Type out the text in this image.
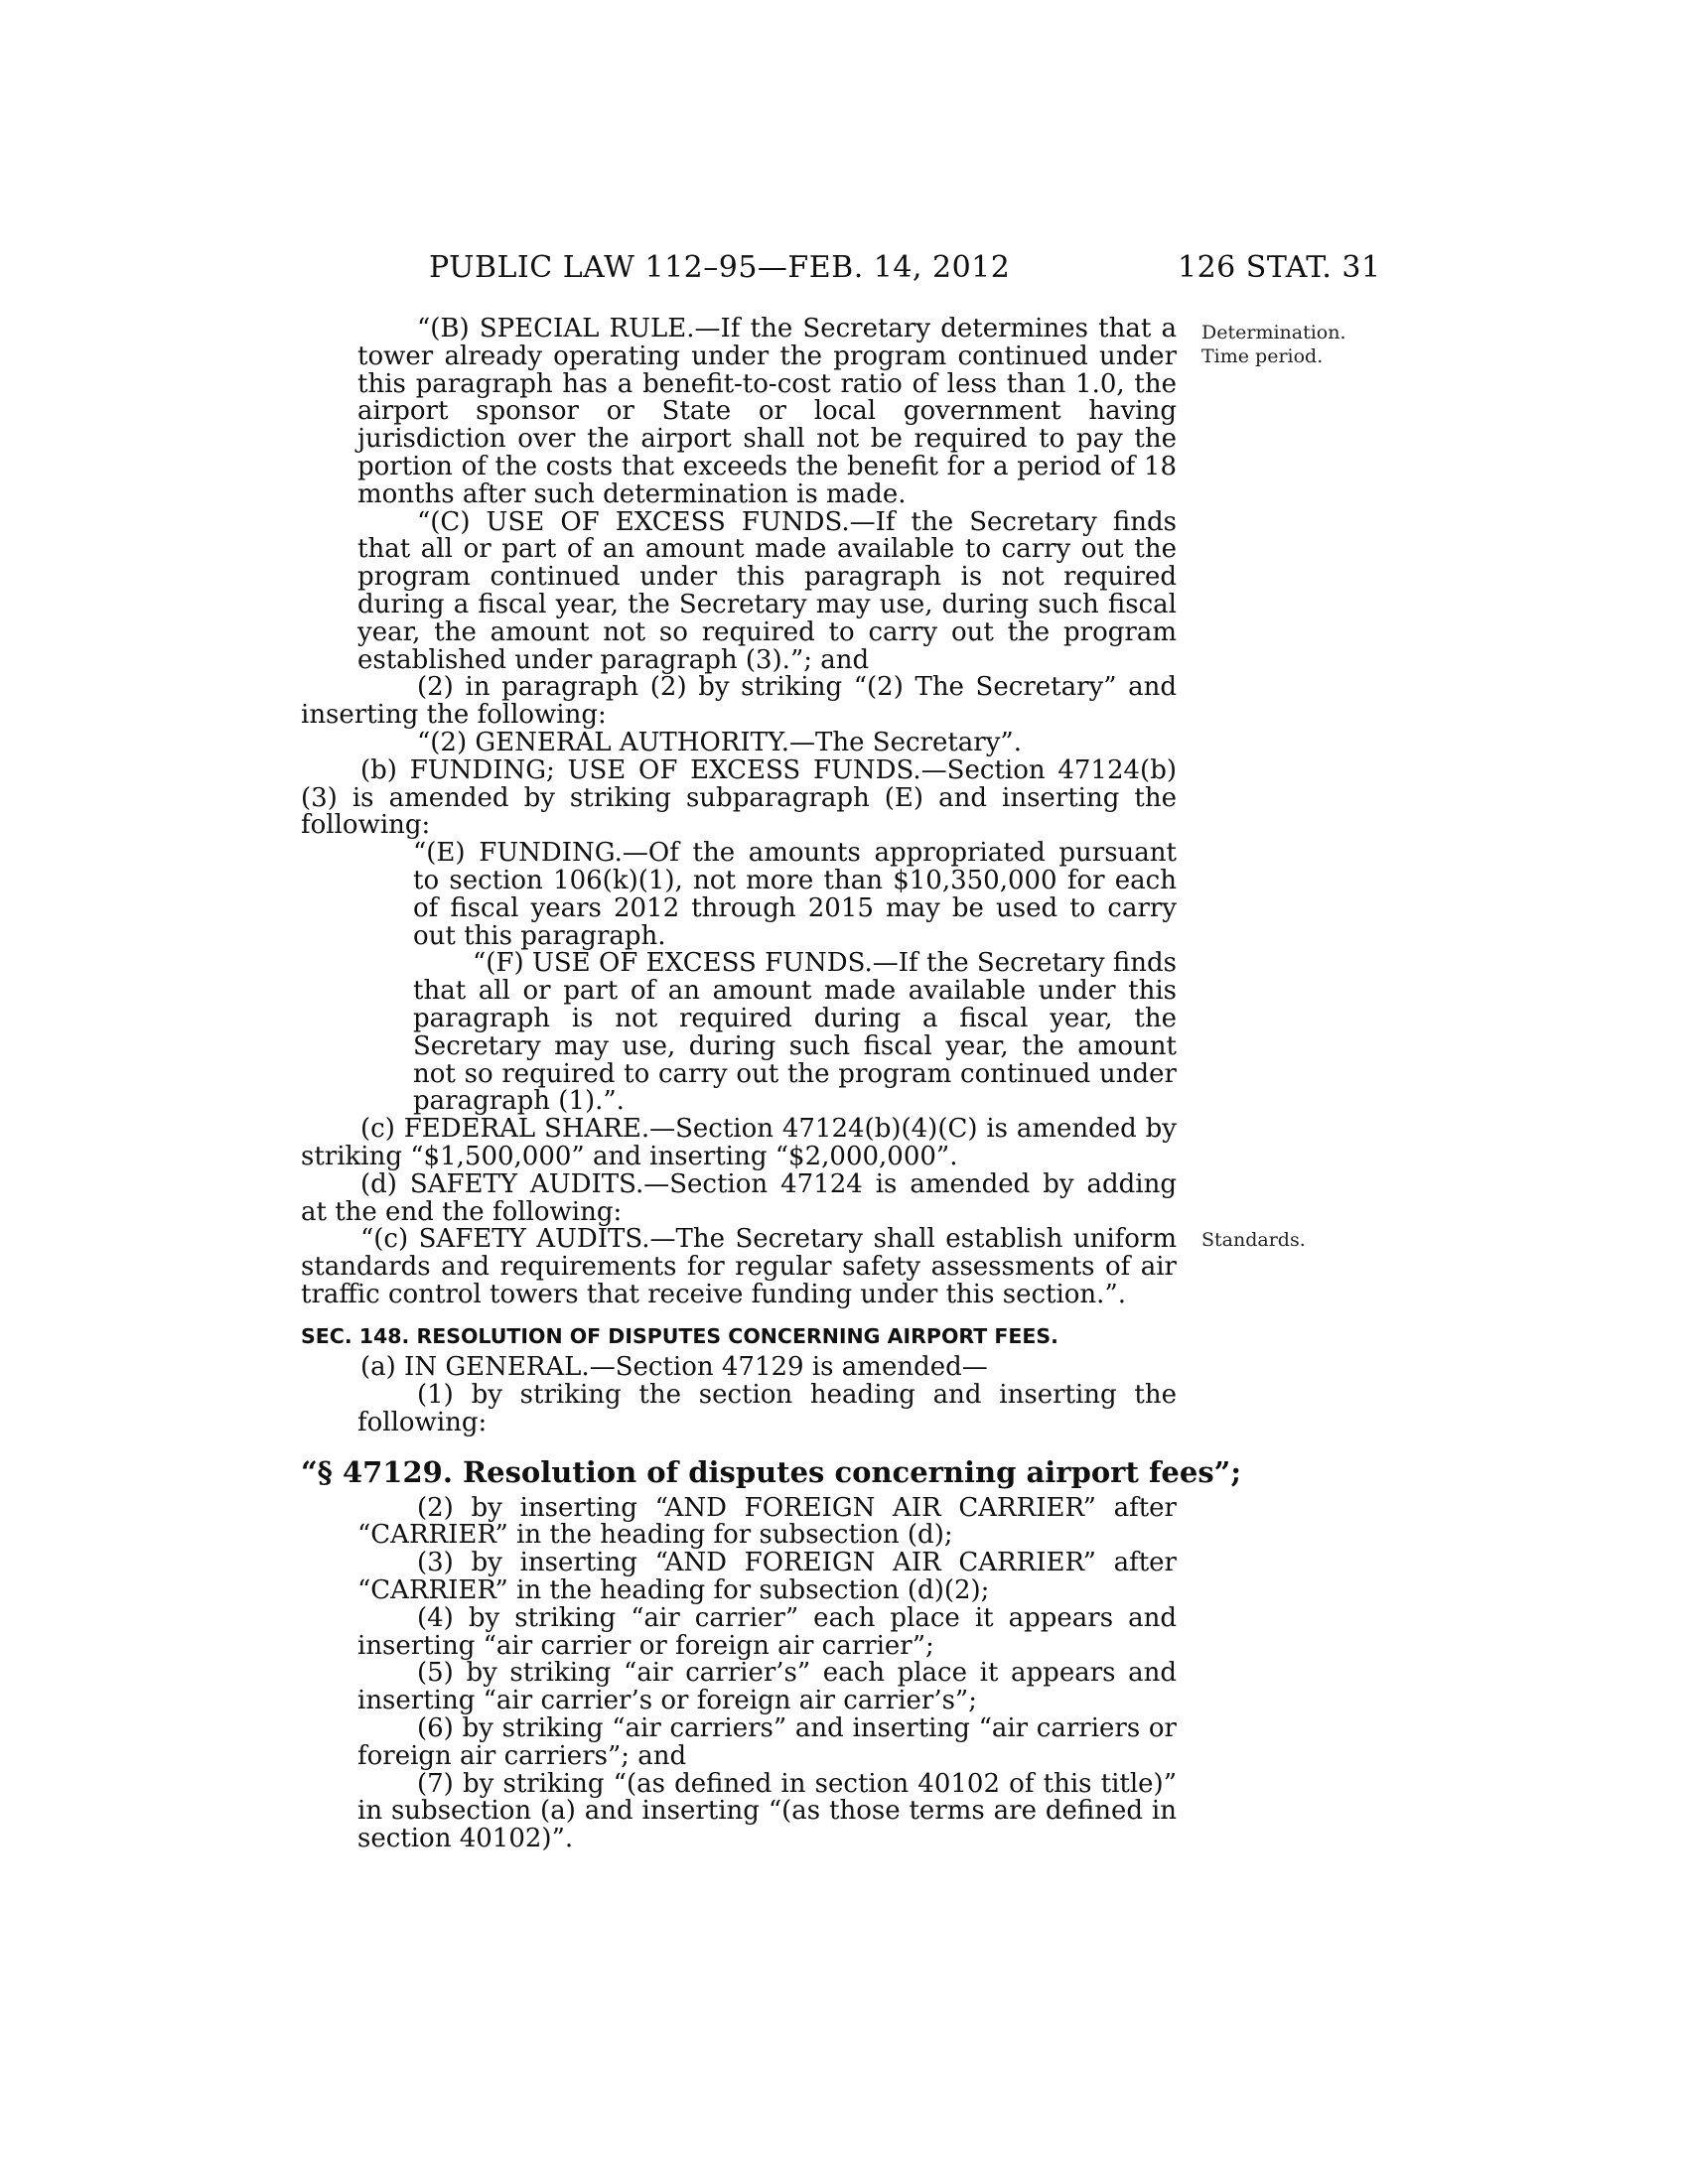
PUBLIC LAW 112–95—FEB. 14, 2012	126 STAT. 31
Determination.
Time period.
Standards.

“(B) SPECIAL RULE.—If the Secretary determines that a tower already operating under the program continued under this paragraph has a benefit-to-cost ratio of less than 1.0, the airport sponsor or State or local government having jurisdiction over the airport shall not be required to pay the portion of the costs that exceeds the benefit for a period of 18 months after such determination is made.

“(C) USE OF EXCESS FUNDS.—If the Secretary finds that all or part of an amount made available to carry out the program continued under this paragraph is not required during a fiscal year, the Secretary may use, during such fiscal year, the amount not so required to carry out the program established under paragraph (3).”; and

(2) in paragraph (2) by striking “(2) The Secretary” and inserting the following:

“(2) GENERAL AUTHORITY.—The Secretary”.

(b) FUNDING; USE OF EXCESS FUNDS.—Section 47124(b)(3) is amended by striking subparagraph (E) and inserting the following:

“(E) FUNDING.—Of the amounts appropriated pursuant to section 106(k)(1), not more than $10,350,000 for each of fiscal years 2012 through 2015 may be used to carry out this paragraph.

“(F) USE OF EXCESS FUNDS.—If the Secretary finds that all or part of an amount made available under this paragraph is not required during a fiscal year, the Secretary may use, during such fiscal year, the amount not so required to carry out the program continued under paragraph (1).”.

(c) FEDERAL SHARE.—Section 47124(b)(4)(C) is amended by striking “$1,500,000” and inserting “$2,000,000”.

(d) SAFETY AUDITS.—Section 47124 is amended by adding at the end the following:

“(c) SAFETY AUDITS.—The Secretary shall establish uniform standards and requirements for regular safety assessments of air traffic control towers that receive funding under this section.”.

SEC. 148. RESOLUTION OF DISPUTES CONCERNING AIRPORT FEES.

(a) IN GENERAL.—Section 47129 is amended—

(1) by striking the section heading and inserting the following:

“§ 47129. Resolution of disputes concerning airport fees”;

(2) by inserting “AND FOREIGN AIR CARRIER” after “CARRIER” in the heading for subsection (d);

(3) by inserting “AND FOREIGN AIR CARRIER” after “CARRIER” in the heading for subsection (d)(2);

(4) by striking “air carrier” each place it appears and inserting “air carrier or foreign air carrier”;

(5) by striking “air carrier’s” each place it appears and inserting “air carrier’s or foreign air carrier’s”;

(6) by striking “air carriers” and inserting “air carriers or foreign air carriers”; and

(7) by striking “(as defined in section 40102 of this title)” in subsection (a) and inserting “(as those terms are defined in section 40102)”.
